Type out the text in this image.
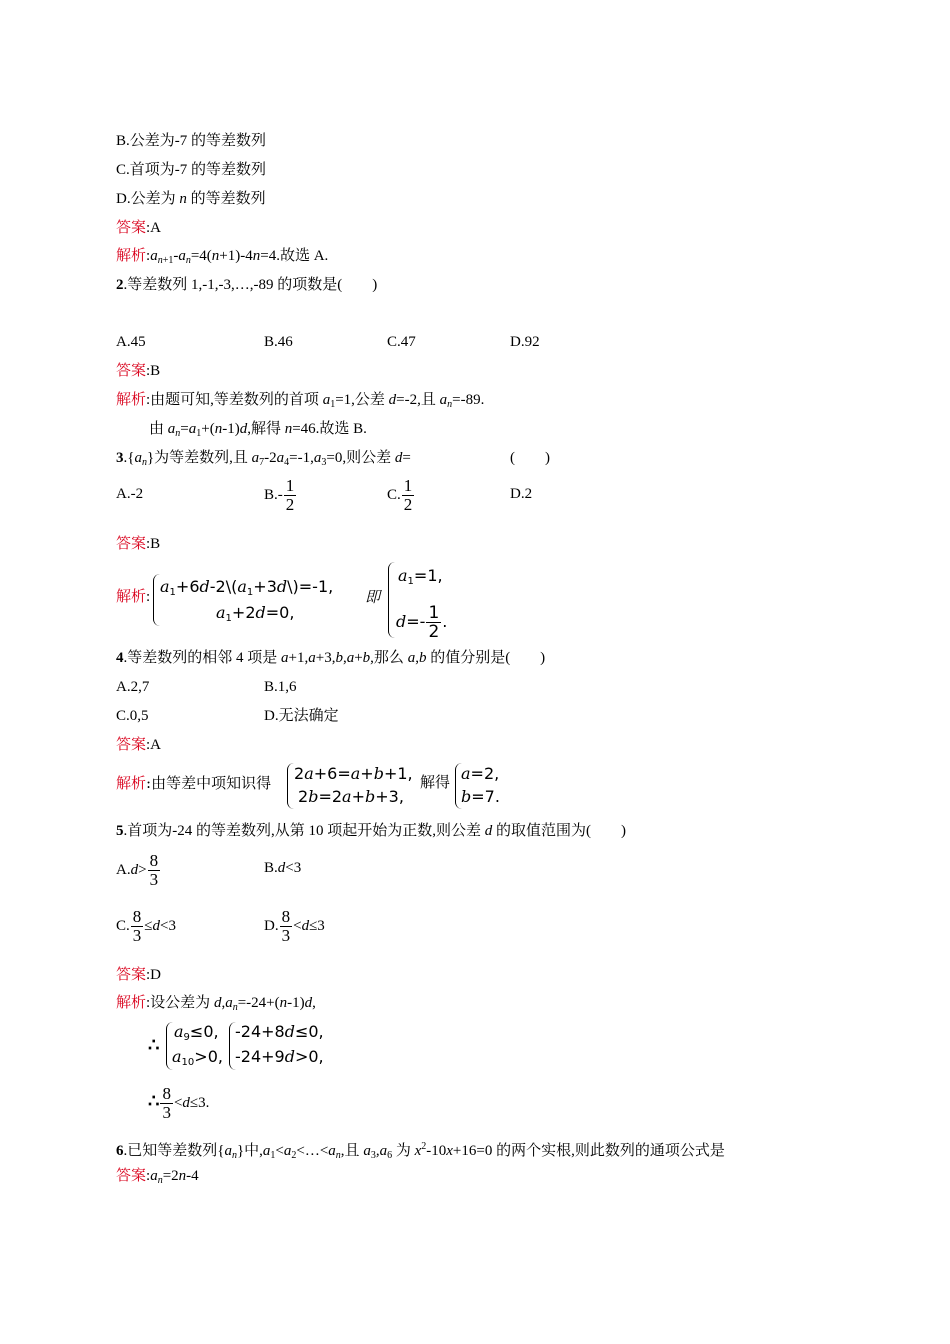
B.公差为-7 的等差数列
C.首项为-7 的等差数列
D.公差为 n 的等差数列
答案:A
解析$:a_{n+1}-a_n=4(n+1)-4n=4$.故选 A.
2.等差数列 1,-1,-3,…,-89 的项数是(　　)
A.45	B.46	C.47	D.92
答案:B
解析:由题可知,等差数列的首项 $a_1=1$,公差 d=-2,且 $a_n=-89$.
由 $a_n=a_1+(n-1)d$,解得 n=46.故选 B.
$3.\{a_n\}$为等差数列,且 $a_7-2a_4=-1,a_3=0$,则公差 d=	(　　)
A.-2	$B.- \frac{1}{2}$	C. $\frac{1}{2}$	D.2
答案:B
解析:
$a_1+6d-2\backslash(a_1+3d\backslash)=-1$,
$a_1+2d=0$,
即
$a_1=1$,
$d=- \frac{1}{2}$ .
4.等差数列的相邻 4 项是 a+1,a+3,b,a+b,那么 a,b 的值分别是(　　)
A.2,7	B.1,6
C.0,5	D.无法确定
答案:A
解析:由等差中项知识得 2a+6=a+b+1,
2b=2a+b+3,
解得 a=2,
b=7.
5.首项为-24 的等差数列,从第 10 项起开始为正数,则公差 d 的取值范围为(　　)
$A.d> \frac{8}{3}$	B.d<3
C. $\frac{8}{3} \le d<3$	D. $\frac{8}{3} <d\le 3$
答案:D
解析:设公差为 $d,a_n=-24+(n-1)d$,
∴
$a_9\le 0$,
$a_{10}>0$,
-24+8d≤0,
-24+9d>0,
∴ $\frac{8}{3} <d\le 3$.
6.已知等差数列$\{a_n\}$中$,a_1<a_2<\dots<a_n$,且 $a_3,a_6$ 为 $x^2-10x+16=0$ 的两个实根,则此数列的通项公式是
答案$:a_n=2n-4$
